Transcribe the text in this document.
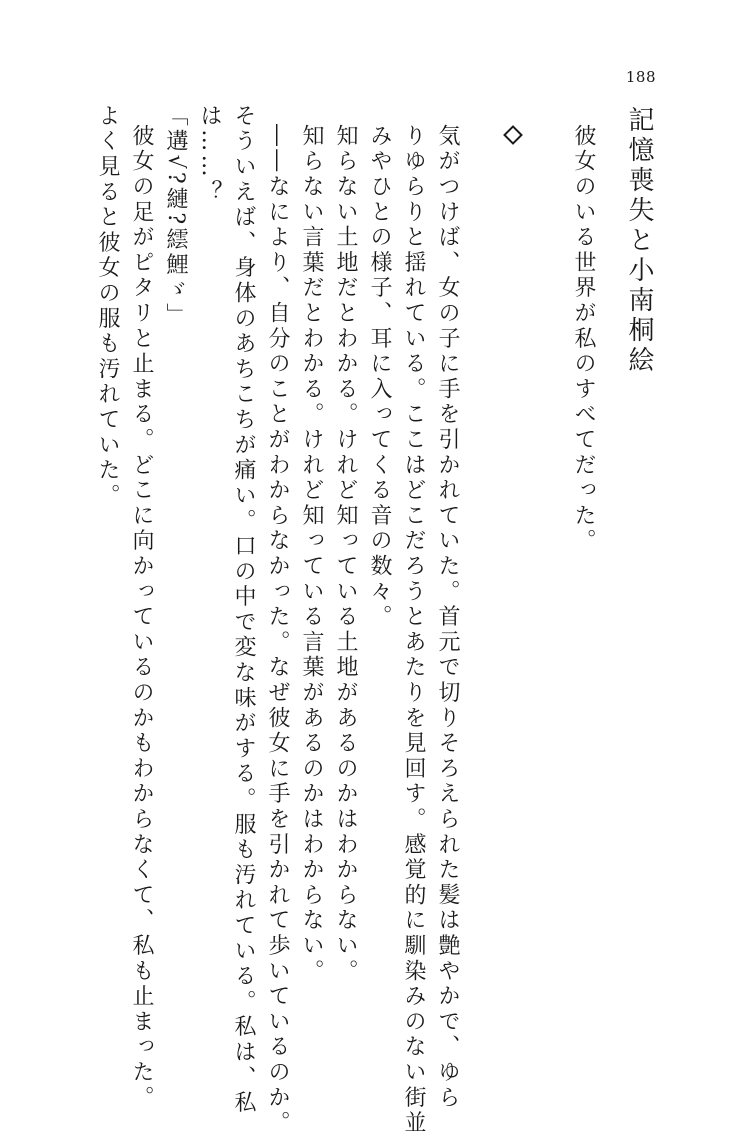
188
記憶喪失と小南桐絵
彼女のいる世界が私のすべてだった。
気がつけば、女の子に手を引かれていた。首元で切りそろえられた髪は艶やかで、ゆら
りゆらりと揺れている。ここはどこだろうとあたりを見回す。感覚的に馴染みのない街並
みやひとの様子、耳に入ってくる音の数々。
知らない土地だとわかる。けれど知っている土地があるのかはわからない。
知らない言葉だとわかる。けれど知っている言葉があるのかはわからない。
――なにより、自分のことがわからなかった。なぜ彼女に手を引かれて歩いているのか。
そういえば、身体のあちこちが痛い。口の中で変な味がする。服も汚れている。私は、私
は……？
「遘√?縺?繧鯉ゞ」
彼女の足がピタリと止まる。どこに向かっているのかもわからなくて、私も止まった。
よく見ると彼女の服も汚れていた。
